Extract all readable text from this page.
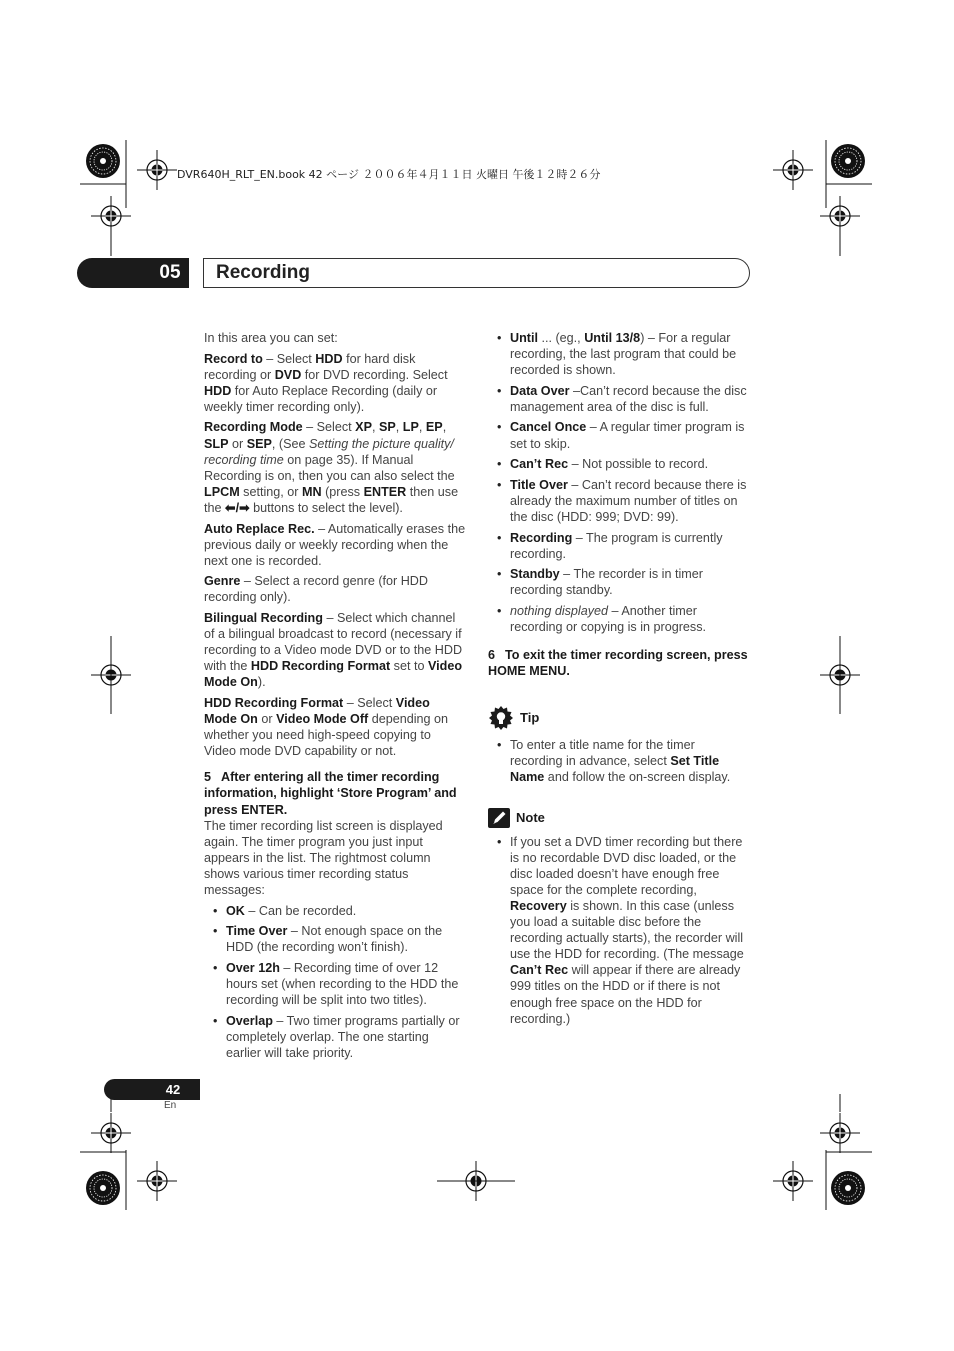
DVR640H_RLT_EN.book 42 ページ ２００６年４月１１日 火曜日 午後１２時２６分
05	Recording

In this area you can set:

Record to – Select HDD for hard disk recording or DVD for DVD recording. Select HDD for Auto Replace Recording (daily or weekly timer recording only).

Recording Mode – Select XP, SP, LP, EP, SLP or SEP, (See Setting the picture quality/ recording time on page 35). If Manual Recording is on, then you can also select the LPCM setting, or MN (press ENTER then use the ⬅/➡ buttons to select the level).

Auto Replace Rec. – Automatically erases the previous daily or weekly recording when the next one is recorded.

Genre – Select a record genre (for HDD recording only).

Bilingual Recording – Select which channel of a bilingual broadcast to record (necessary if recording to a Video mode DVD or to the HDD with the HDD Recording Format set to Video Mode On).

HDD Recording Format – Select Video Mode On or Video Mode Off depending on whether you need high-speed copying to Video mode DVD capability or not.

5 After entering all the timer recording information, highlight ‘Store Program’ and press ENTER.

The timer recording list screen is displayed again. The timer program you just input appears in the list. The rightmost column shows various timer recording status messages:

• OK – Can be recorded.
• Time Over – Not enough space on the HDD (the recording won’t finish).
• Over 12h – Recording time of over 12 hours set (when recording to the HDD the recording will be split into two titles).
• Overlap – Two timer programs partially or completely overlap. The one starting earlier will take priority.
• Until ... (eg., Until 13/8) – For a regular recording, the last program that could be recorded is shown.
• Data Over –Can’t record because the disc management area of the disc is full.
• Cancel Once – A regular timer program is set to skip.
• Can’t Rec – Not possible to record.
• Title Over – Can’t record because there is already the maximum number of titles on the disc (HDD: 999; DVD: 99).
• Recording – The program is currently recording.
• Standby – The recorder is in timer recording standby.
• nothing displayed – Another timer recording or copying is in progress.

6 To exit the timer recording screen, press HOME MENU.

Tip
• To enter a title name for the timer recording in advance, select Set Title Name and follow the on-screen display.
Note
• If you set a DVD timer recording but there is no recordable DVD disc loaded, or the disc loaded doesn’t have enough free space for the complete recording, Recovery is shown. In this case (unless you load a suitable disc before the recording actually starts), the recorder will use the HDD for recording. (The message Can’t Rec will appear if there are already 999 titles on the HDD or if there is not enough free space on the HDD for recording.)
42
En
